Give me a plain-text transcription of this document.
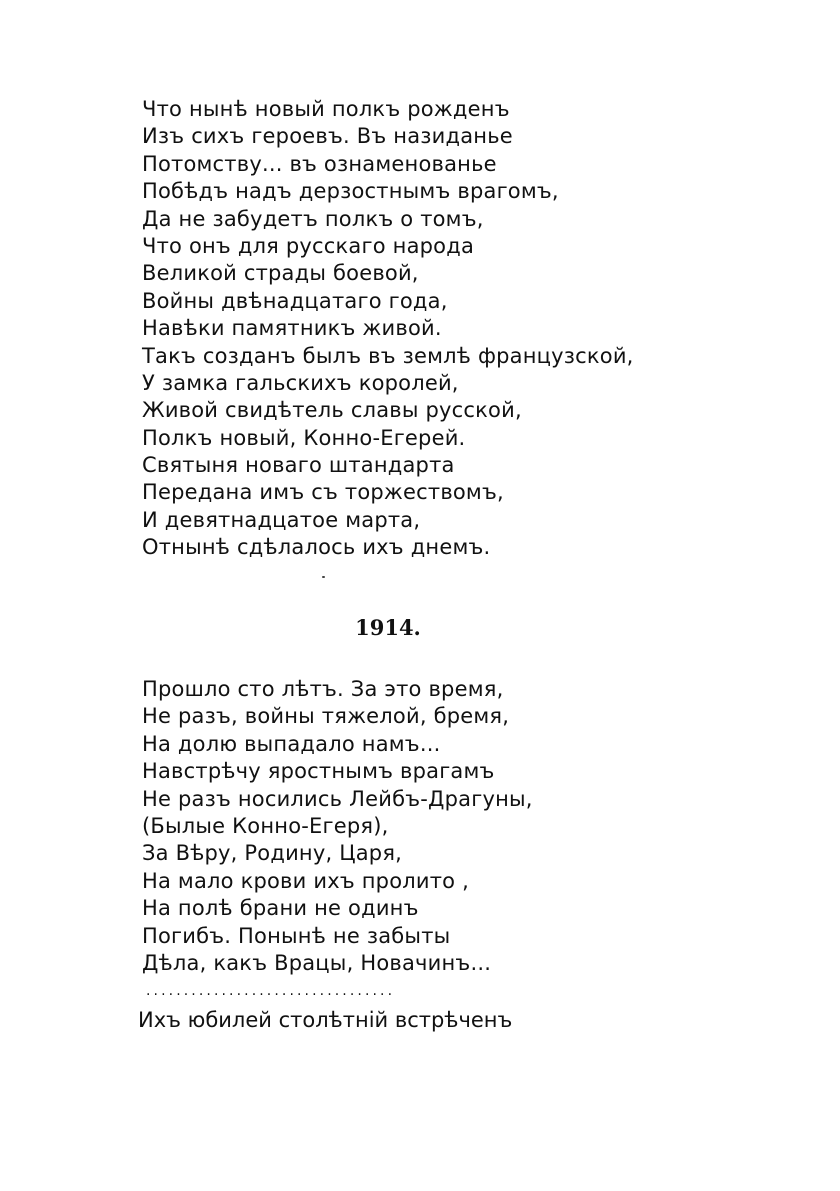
Что нынѣ новый полкъ рожденъ
Изъ сихъ героевъ. Въ назиданье
Потомству... въ ознаменованье
Побѣдъ надъ дерзостнымъ врагомъ,
Да не забудетъ полкъ о томъ,
Что онъ для русскаго народа
Великой страды боевой,
Войны двѣнадцатаго года,
Навѣки памятникъ живой.
Такъ созданъ былъ въ землѣ французской,
У замка гальскихъ королей,
Живой свидѣтель славы русской,
Полкъ новый, Конно-Егерей.
Святыня новаго штандарта
Передана имъ съ торжествомъ,
И девятнадцатое марта,
Отнынѣ сдѣлалось ихъ днемъ.
1914.
Прошло сто лѣтъ. За это время,
Не разъ, войны тяжелой, бремя,
На долю выпадало намъ...
Навстрѣчу яростнымъ врагамъ
Не разъ носились Лейбъ-Драгуны,
(Былые Конно-Егеря),
За Вѣру, Родину, Царя,
На мало крови ихъ пролито ,
На полѣ брани не одинъ
Погибъ. Понынѣ не забыты
Дѣла, какъ Врацы, Новачинъ...
.................................
Ихъ юбилей столѣтній встрѣченъ
